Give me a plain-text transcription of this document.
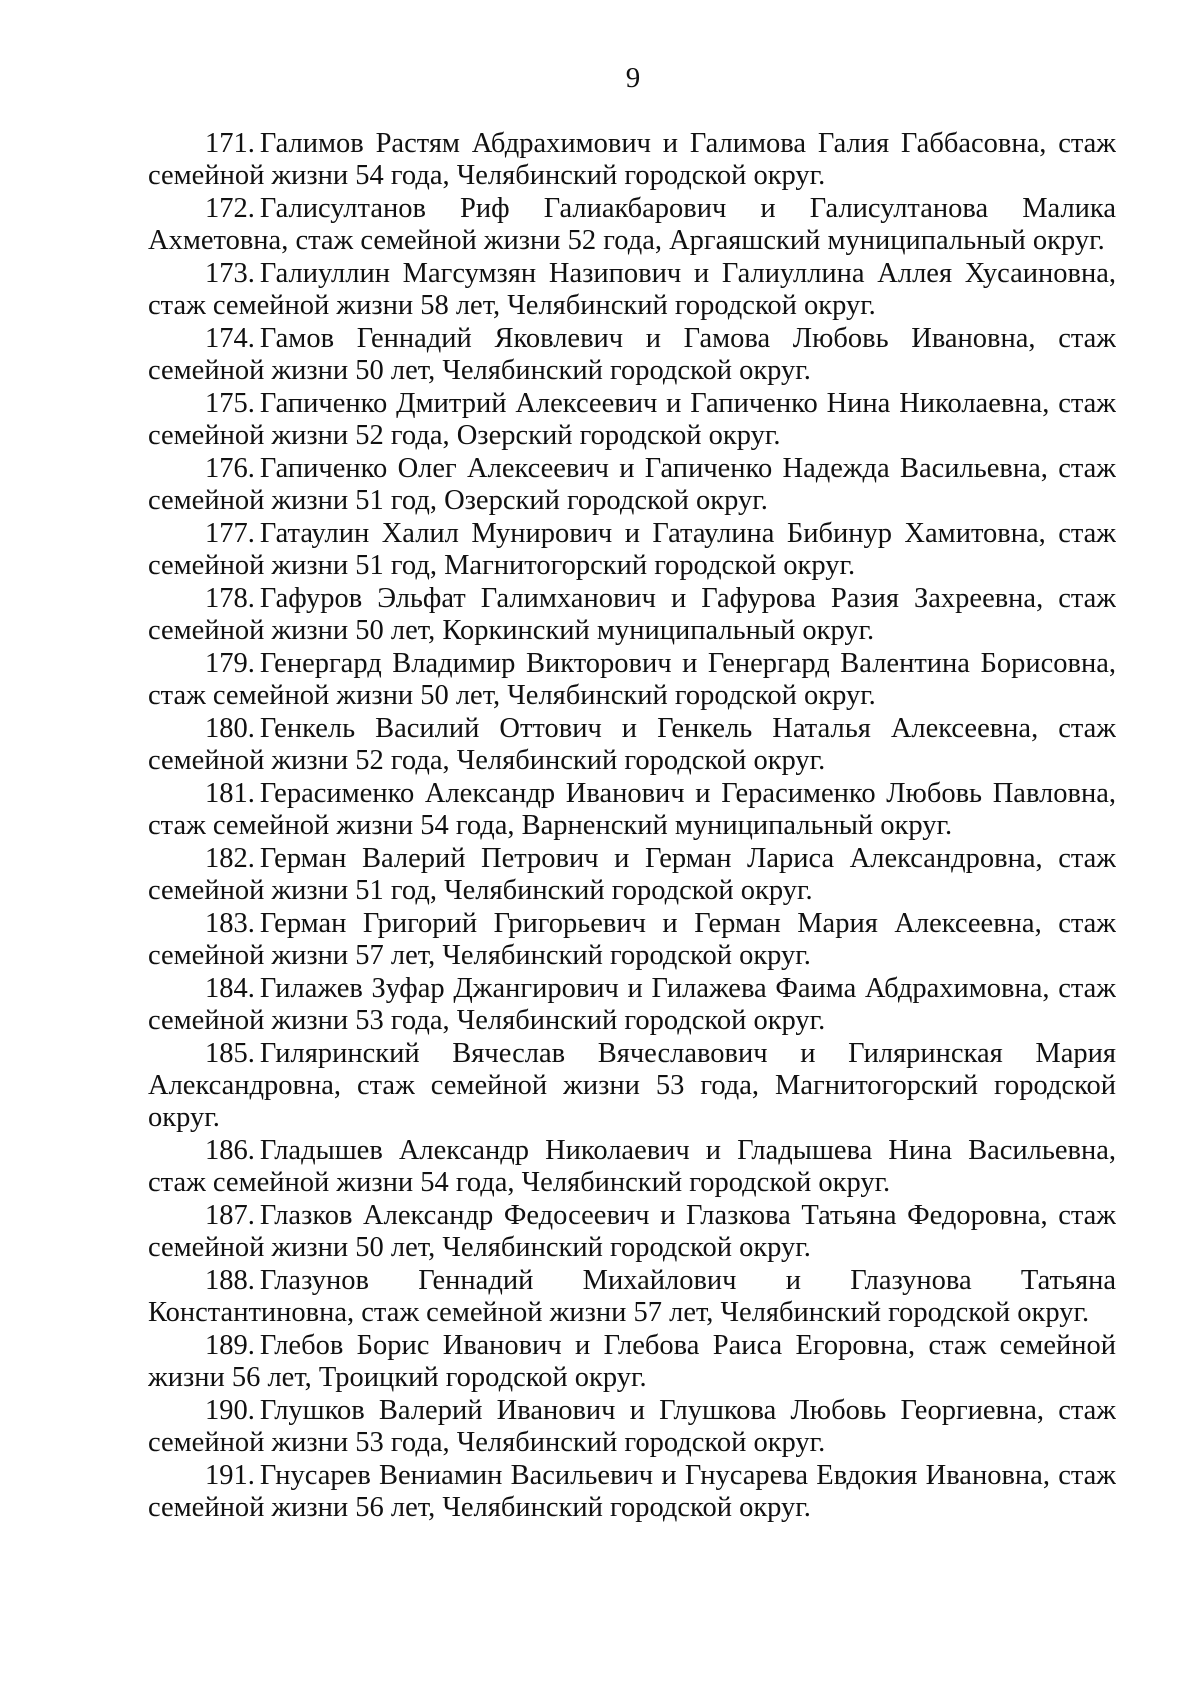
9

171. Галимов Растям Абдрахимович и Галимова Галия Габбасовна, стаж семейной жизни 54 года, Челябинский городской округ.

172. Галисултанов Риф Галиакбарович и Галисултанова Малика Ахметовна, стаж семейной жизни 52 года, Аргаяшский муниципальный округ.

173. Галиуллин Магсумзян Назипович и Галиуллина Аллея Хусаиновна, стаж семейной жизни 58 лет, Челябинский городской округ.

174. Гамов Геннадий Яковлевич и Гамова Любовь Ивановна, стаж семейной жизни 50 лет, Челябинский городской округ.

175. Гапиченко Дмитрий Алексеевич и Гапиченко Нина Николаевна, стаж семейной жизни 52 года, Озерский городской округ.

176. Гапиченко Олег Алексеевич и Гапиченко Надежда Васильевна, стаж семейной жизни 51 год, Озерский городской округ.

177. Гатаулин Халил Мунирович и Гатаулина Бибинур Хамитовна, стаж семейной жизни 51 год, Магнитогорский городской округ.

178. Гафуров Эльфат Галимханович и Гафурова Разия Захреевна, стаж семейной жизни 50 лет, Коркинский муниципальный округ.

179. Генергард Владимир Викторович и Генергард Валентина Борисовна, стаж семейной жизни 50 лет, Челябинский городской округ.

180. Генкель Василий Оттович и Генкель Наталья Алексеевна, стаж семейной жизни 52 года, Челябинский городской округ.

181. Герасименко Александр Иванович и Герасименко Любовь Павловна, стаж семейной жизни 54 года, Варненский муниципальный округ.

182. Герман Валерий Петрович и Герман Лариса Александровна, стаж семейной жизни 51 год, Челябинский городской округ.

183. Герман Григорий Григорьевич и Герман Мария Алексеевна, стаж семейной жизни 57 лет, Челябинский городской округ.

184. Гилажев Зуфар Джангирович и Гилажева Фаима Абдрахимовна, стаж семейной жизни 53 года, Челябинский городской округ.

185. Гиляринский Вячеслав Вячеславович и Гиляринская Мария Александровна, стаж семейной жизни 53 года, Магнитогорский городской округ.

186. Гладышев Александр Николаевич и Гладышева Нина Васильевна, стаж семейной жизни 54 года, Челябинский городской округ.

187. Глазков Александр Федосеевич и Глазкова Татьяна Федоровна, стаж семейной жизни 50 лет, Челябинский городской округ.

188. Глазунов Геннадий Михайлович и Глазунова Татьяна Константиновна, стаж семейной жизни 57 лет, Челябинский городской округ.

189. Глебов Борис Иванович и Глебова Раиса Егоровна, стаж семейной жизни 56 лет, Троицкий городской округ.

190. Глушков Валерий Иванович и Глушкова Любовь Георгиевна, стаж семейной жизни 53 года, Челябинский городской округ.

191. Гнусарев Вениамин Васильевич и Гнусарева Евдокия Ивановна, стаж семейной жизни 56 лет, Челябинский городской округ.
